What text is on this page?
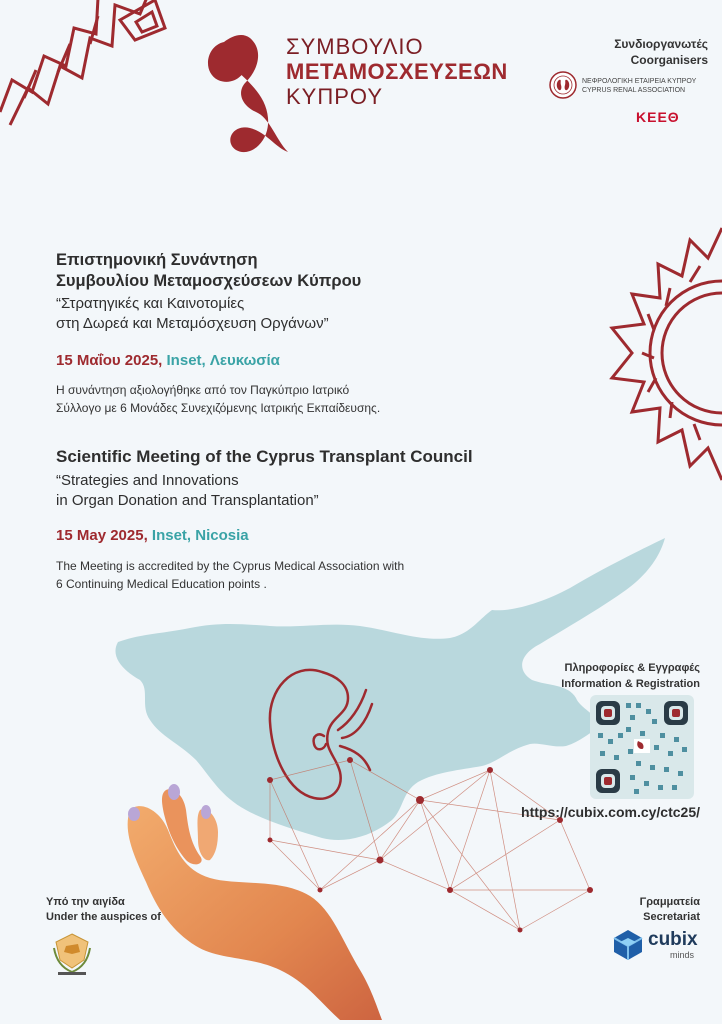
ΣΥΜΒΟΥΛΙΟ
ΜΕΤΑΜΟΣΧΕΥΣΕΩΝ
ΚΥΠΡΟΥ
Συνδιοργανωτές
Coorganisers
ΝΕΦΡΟΛΟΓΙΚΗ ΕΤΑΙΡΕΙΑ ΚΥΠΡΟΥ
CYPRUS RENAL ASSOCIATION
ΚΕΕΘ
Επιστημονική Συνάντηση
Συμβουλίου Μεταμοσχεύσεων Κύπρου
“Στρατηγικές και Καινοτομίες
στη Δωρεά και Μεταμόσχευση Οργάνων”
15 Μαΐου 2025, Inset, Λευκωσία
Η συνάντηση αξιολογήθηκε από τον Παγκύπριο Ιατρικό
Σύλλογο με 6 Μονάδες Συνεχιζόμενης Ιατρικής Εκπαίδευσης.
Scientific Meeting of the Cyprus Transplant Council
“Strategies and Innovations
in Organ Donation and Transplantation”
15 May 2025, Inset, Nicosia
The Meeting is accredited by the Cyprus Medical Association with
6 Continuing Medical Education points .
Πληροφορίες & Εγγραφές
Information & Registration
https://cubix.com.cy/ctc25/
Υπό την αιγίδα
Under the auspices of
Γραμματεία
Secretariat
cubix
minds
